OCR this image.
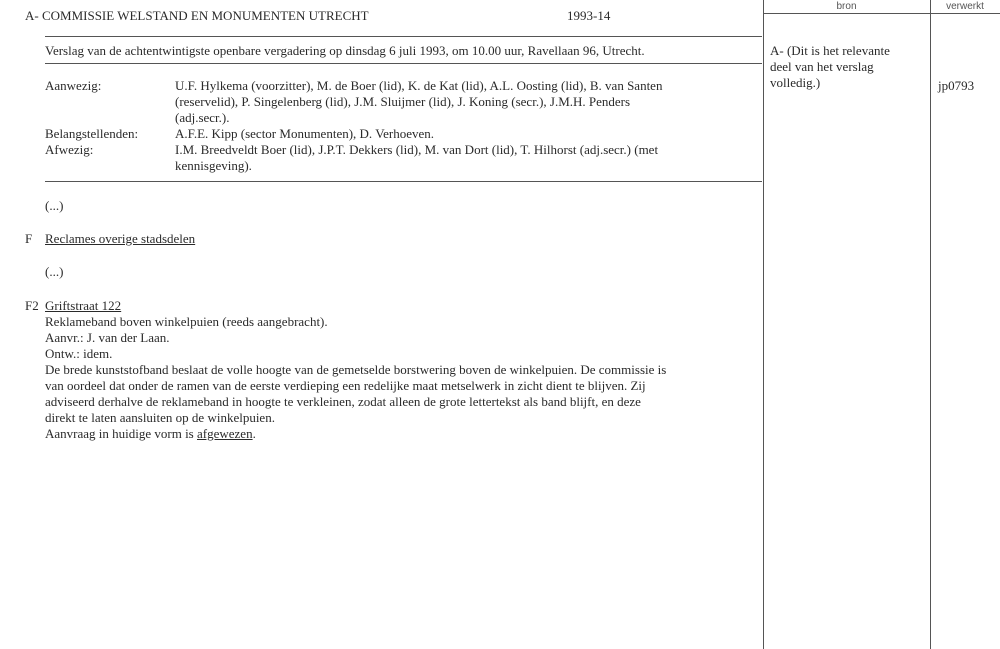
bron	verwerkt
A- COMMISSIE WELSTAND EN MONUMENTEN UTRECHT	1993-14
Verslag van de achtentwintigste openbare vergadering op dinsdag 6 juli 1993, om 10.00 uur, Ravellaan 96, Utrecht.
Aanwezig:	U.F. Hylkema (voorzitter), M. de Boer (lid), K. de Kat (lid), A.L. Oosting (lid), B. van Santen
(reservelid), P. Singelenberg (lid), J.M. Sluijmer (lid), J. Koning (secr.), J.M.H. Penders
(adj.secr.).
Belangstellenden:	A.F.E. Kipp (sector Monumenten), D. Verhoeven.
Afwezig:	I.M. Breedveldt Boer (lid), J.P.T. Dekkers (lid), M. van Dort (lid), T. Hilhorst (adj.secr.) (met
kennisgeving).
(...)
F Reclames overige stadsdelen
(...)
F2 Griftstraat 122
Reklameband boven winkelpuien (reeds aangebracht).
Aanvr.: J. van der Laan.
Ontw.: idem.
De brede kunststofband beslaat de volle hoogte van de gemetselde borstwering boven de winkelpuien. De commissie is
van oordeel dat onder de ramen van de eerste verdieping een redelijke maat metselwerk in zicht dient te blijven. Zij
adviseerd derhalve de reklameband in hoogte te verkleinen, zodat alleen de grote lettertekst als band blijft, en deze
direkt te laten aansluiten op de winkelpuien.
Aanvraag in huidige vorm is afgewezen.
A- (Dit is het relevante
deel van het verslag
volledig.)	jp0793
